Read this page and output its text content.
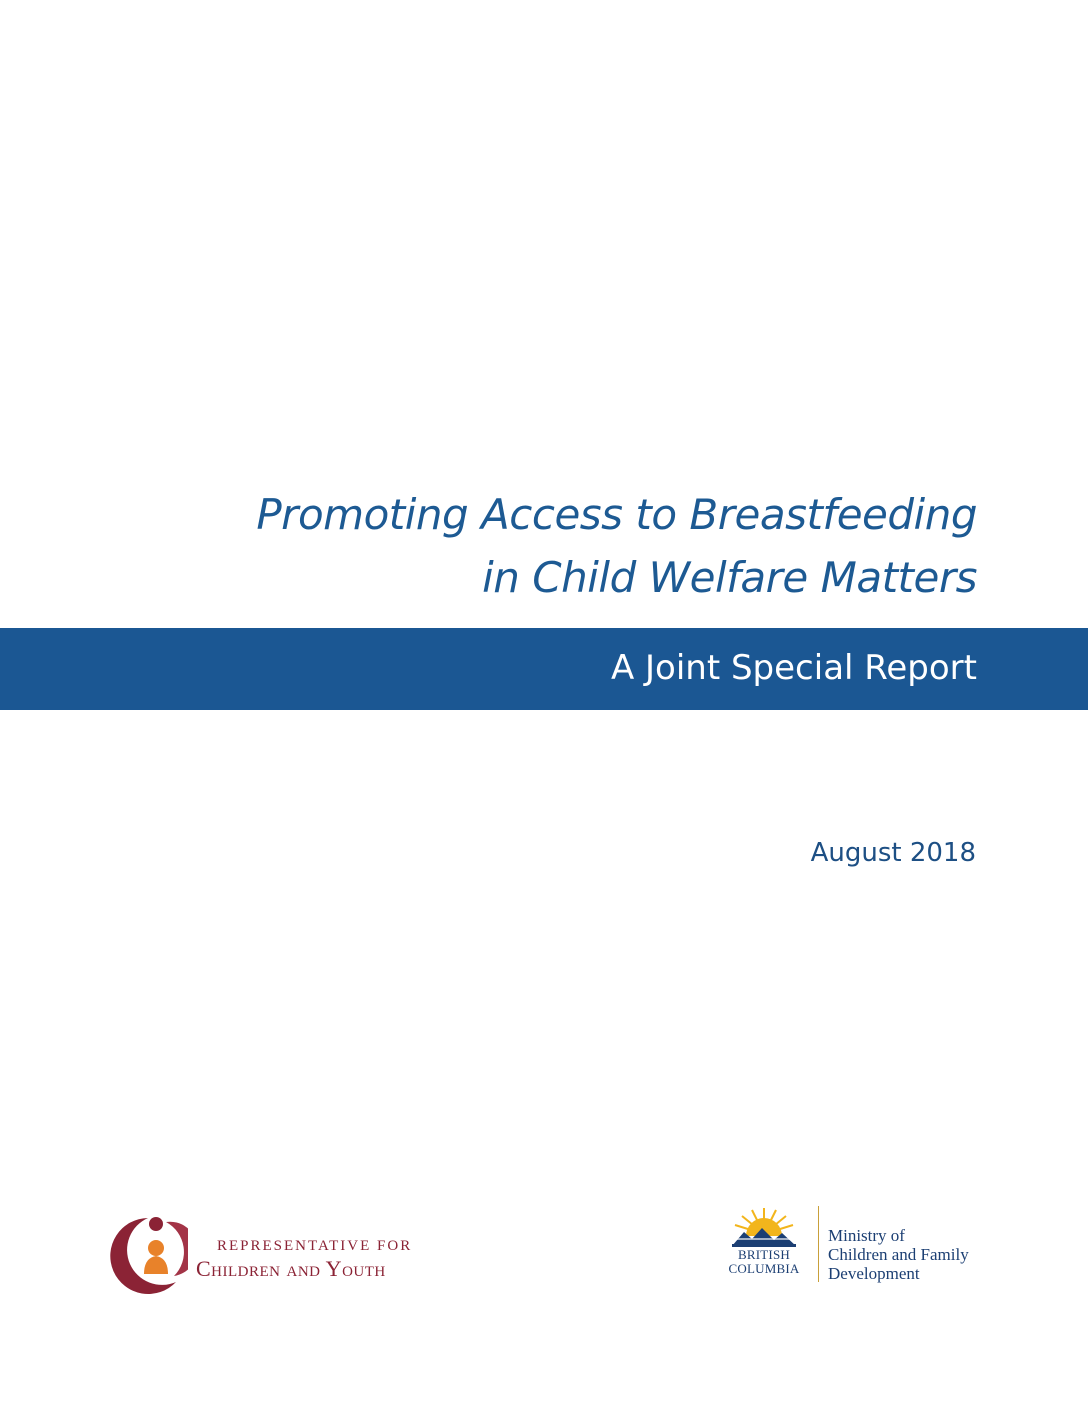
Promoting Access to Breastfeeding
in Child Welfare Matters
A Joint Special Report
August 2018
REPRESENTATIVE FOR
Children and Youth
BRITISH
COLUMBIA
Ministry of
Children and Family
Development
